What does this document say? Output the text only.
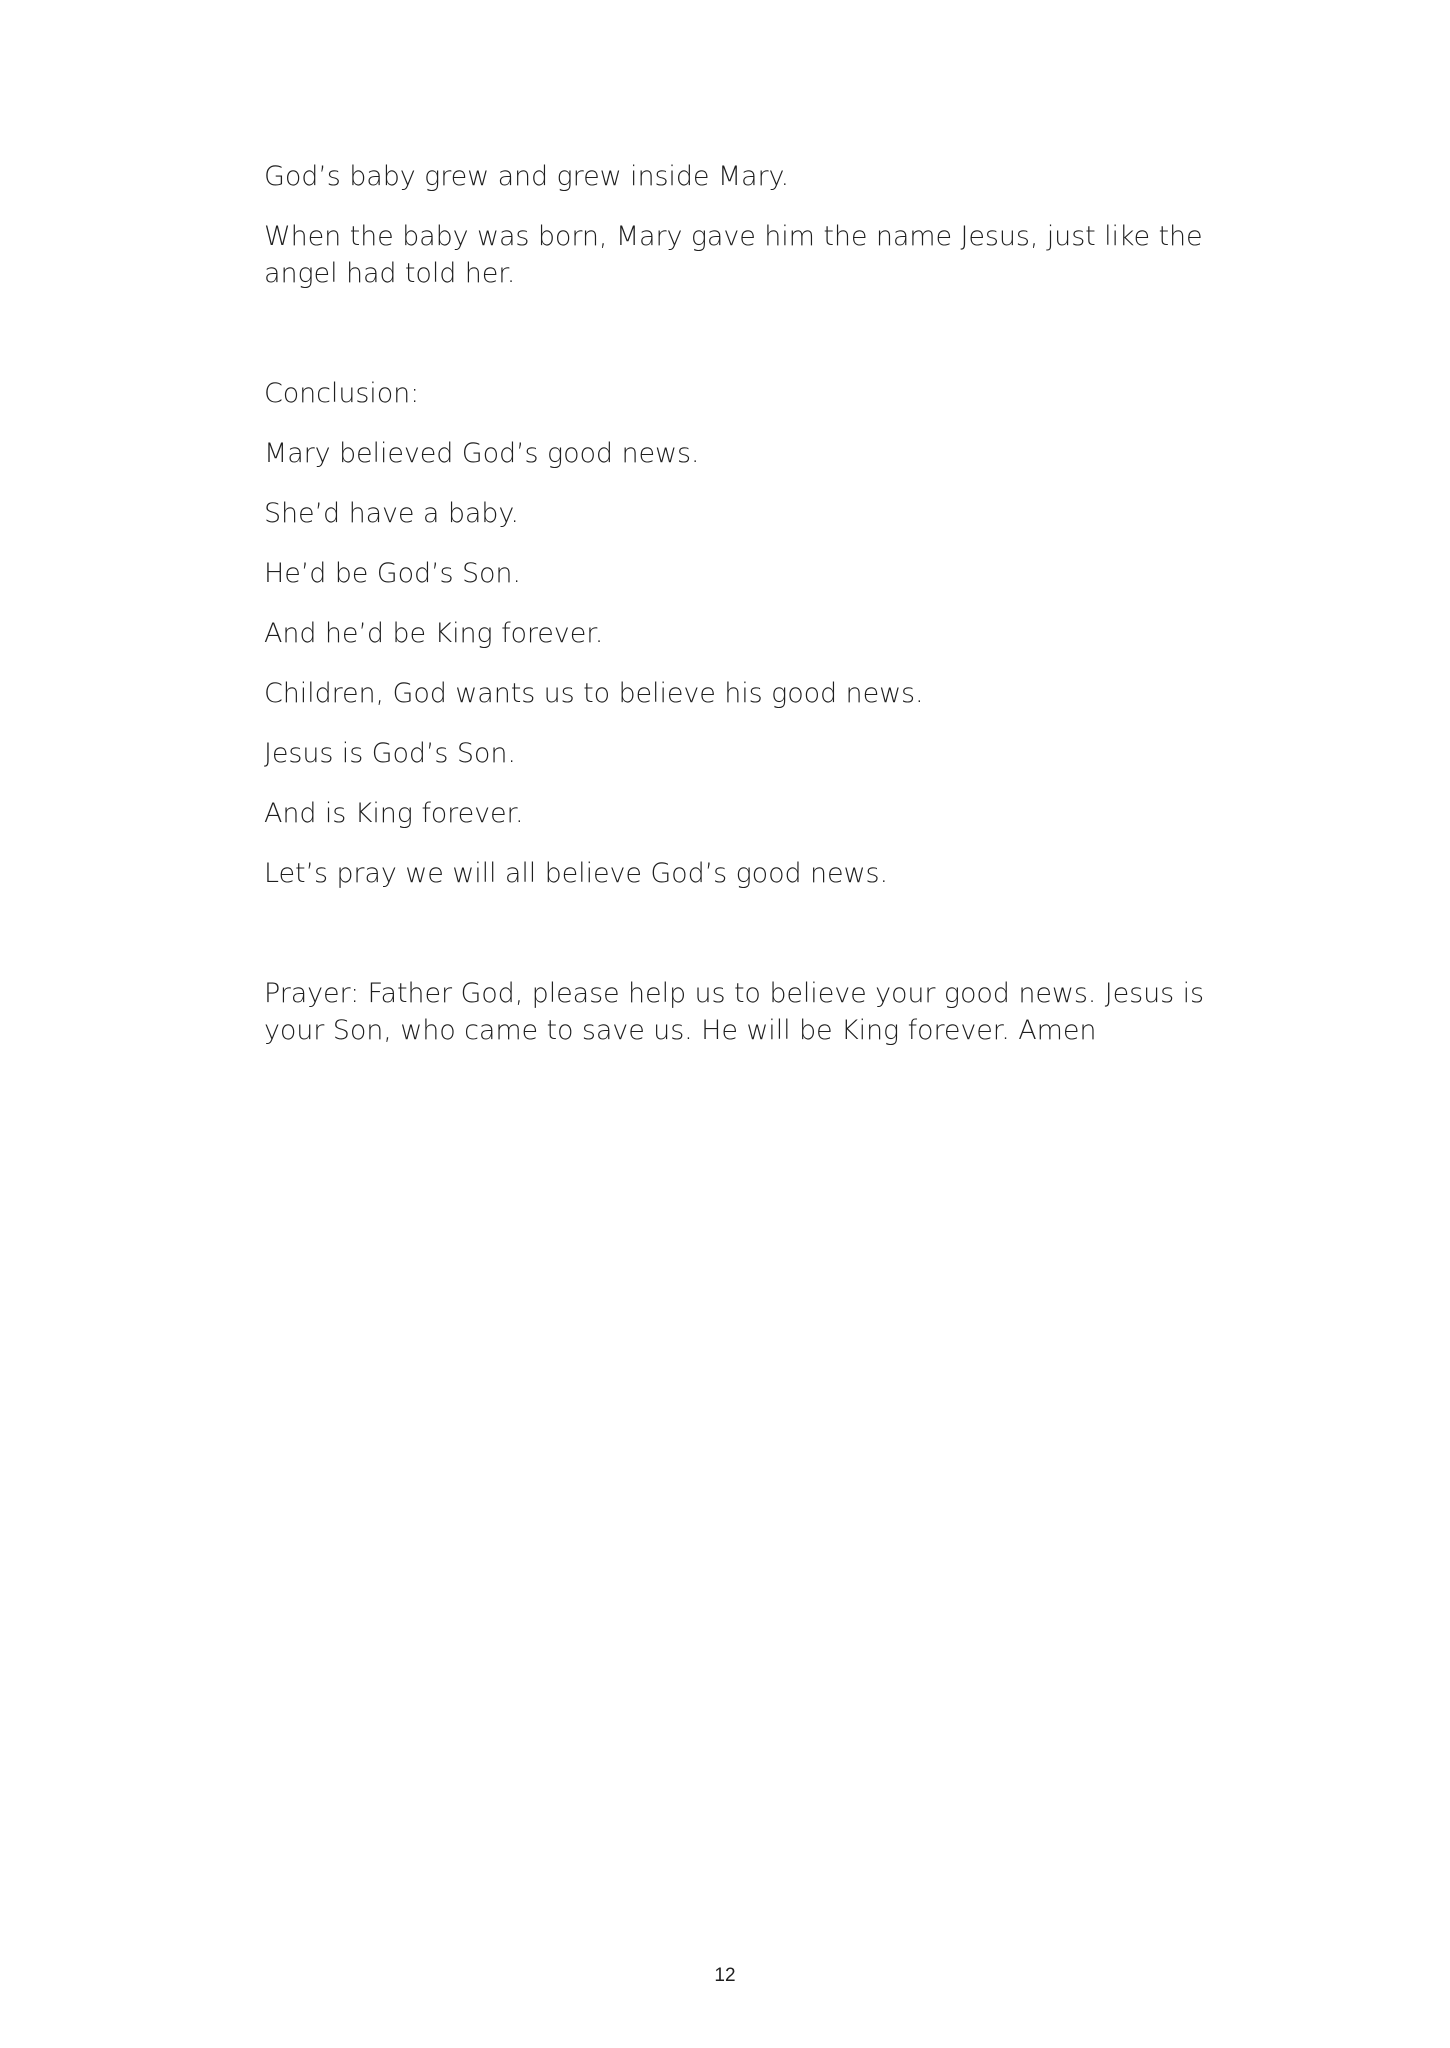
God’s baby grew and grew inside Mary.

When the baby was born, Mary gave him the name Jesus, just like the angel had told her.

Conclusion:

Mary believed God’s good news.

She’d have a baby.

He’d be God’s Son.

And he’d be King forever.

Children, God wants us to believe his good news.

Jesus is God’s Son.

And is King forever.

Let’s pray we will all believe God’s good news.

Prayer: Father God, please help us to believe your good news. Jesus is your Son, who came to save us. He will be King forever. Amen

12
